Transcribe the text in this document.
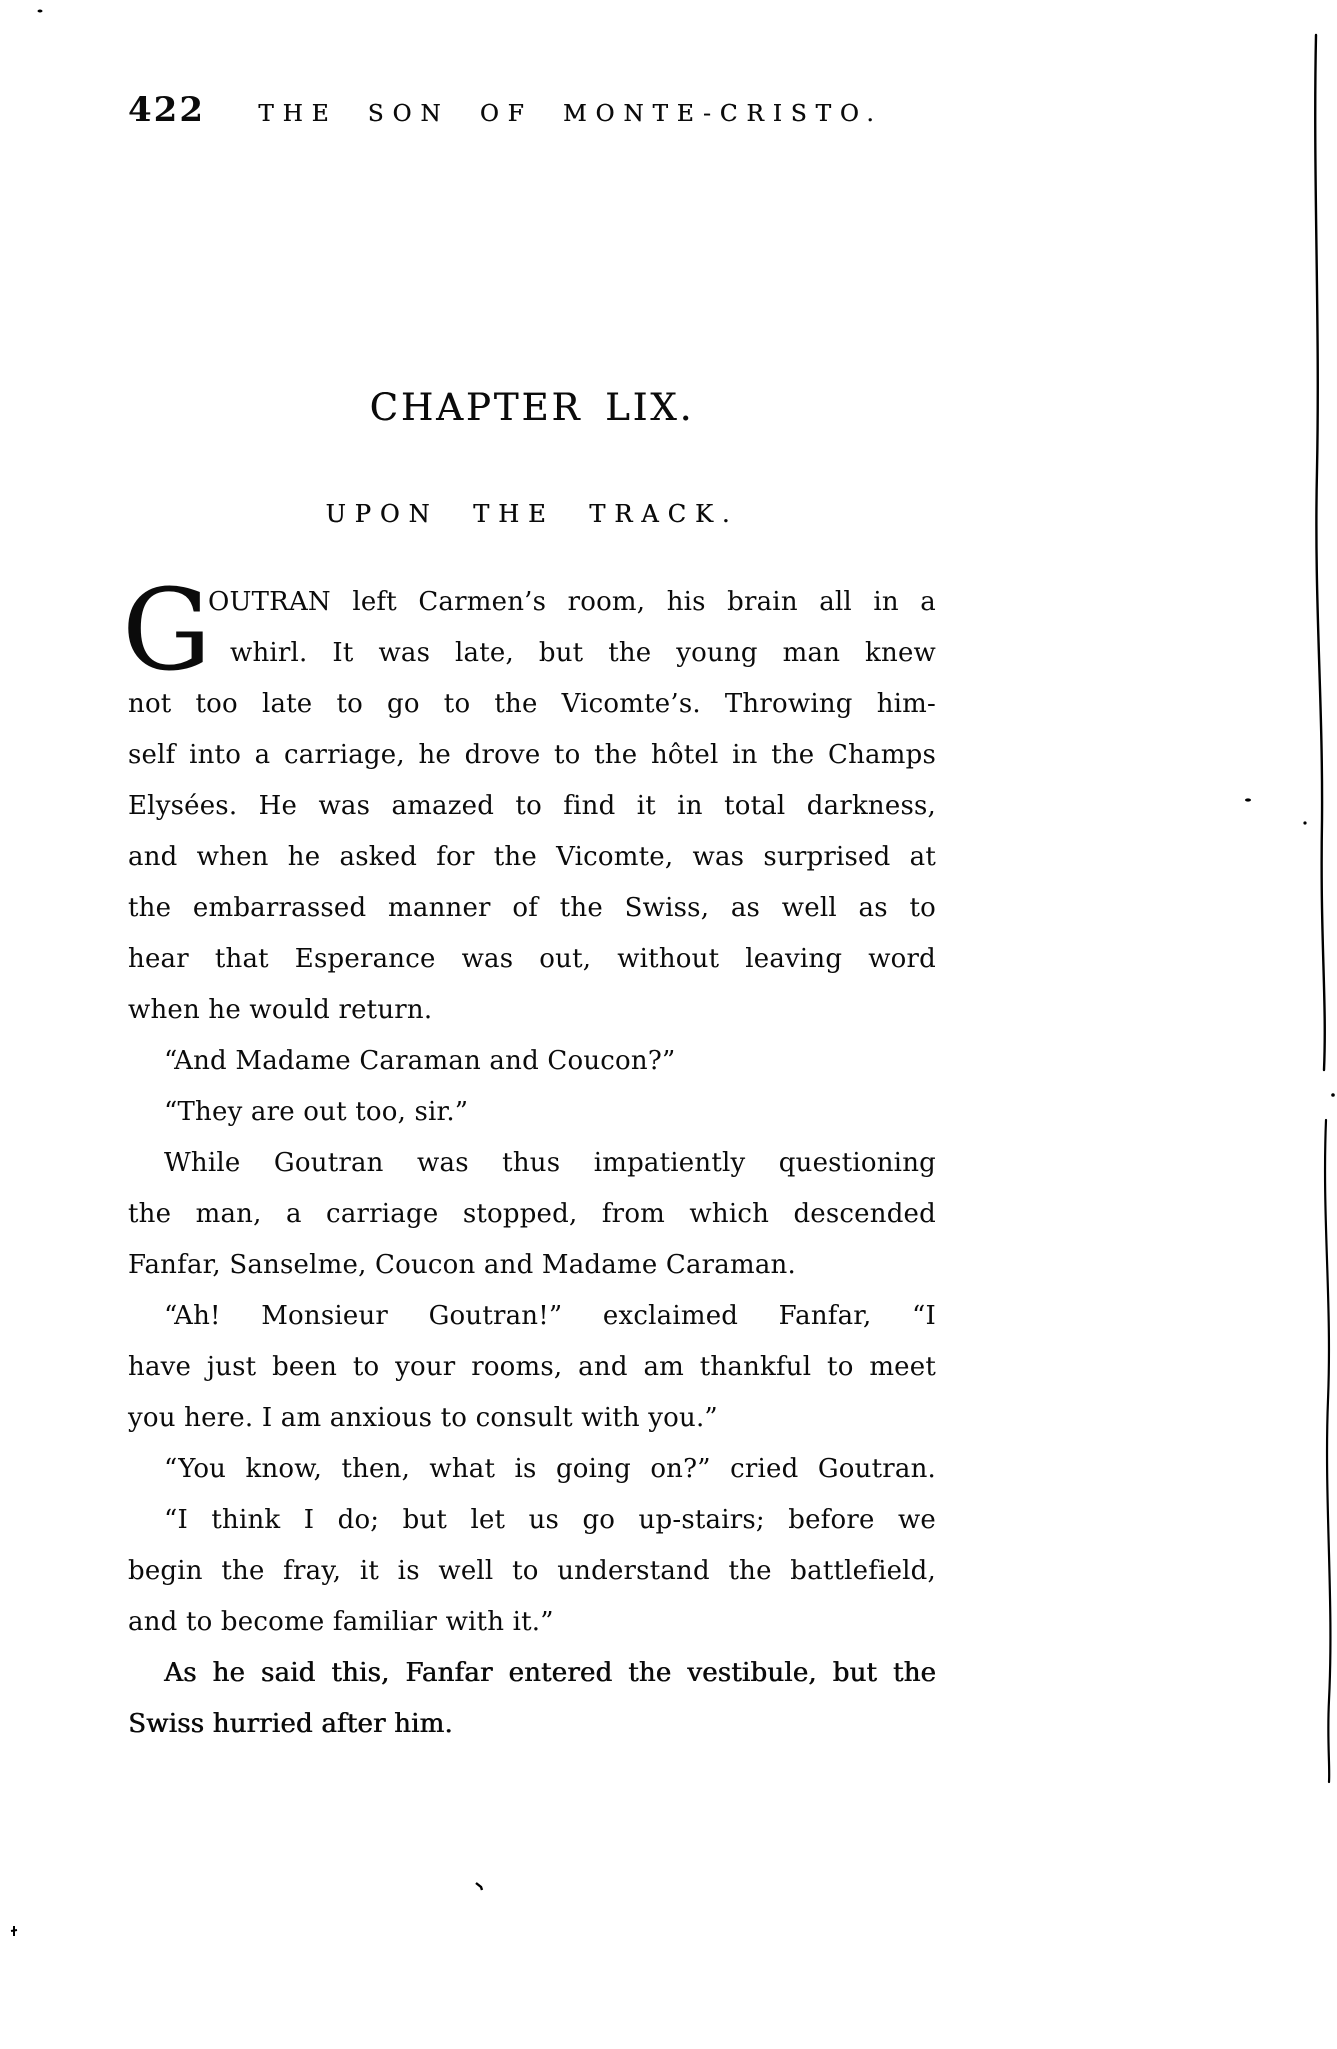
422	THE SON OF MONTE-CRISTO.
CHAPTER LIX.
UPON THE TRACK.
G
OUTRAN left Carmen’s room, his brain all in a
whirl. It was late, but the young man knew
not too late to go to the Vicomte’s. Throwing him-
self into a carriage, he drove to the hôtel in the Champs
Elysées. He was amazed to find it in total darkness,
and when he asked for the Vicomte, was surprised at
the embarrassed manner of the Swiss, as well as to
hear that Esperance was out, without leaving word
when he would return.
“And Madame Caraman and Coucon?”
“They are out too, sir.”
While Goutran was thus impatiently questioning
the man, a carriage stopped, from which descended
Fanfar, Sanselme, Coucon and Madame Caraman.
“Ah! Monsieur Goutran!” exclaimed Fanfar, “I
have just been to your rooms, and am thankful to meet
you here. I am anxious to consult with you.”
“You know, then, what is going on?” cried Goutran.
“I think I do; but let us go up-stairs; before we
begin the fray, it is well to understand the battlefield,
and to become familiar with it.”
As he said this, Fanfar entered the vestibule, but the
Swiss hurried after him.
